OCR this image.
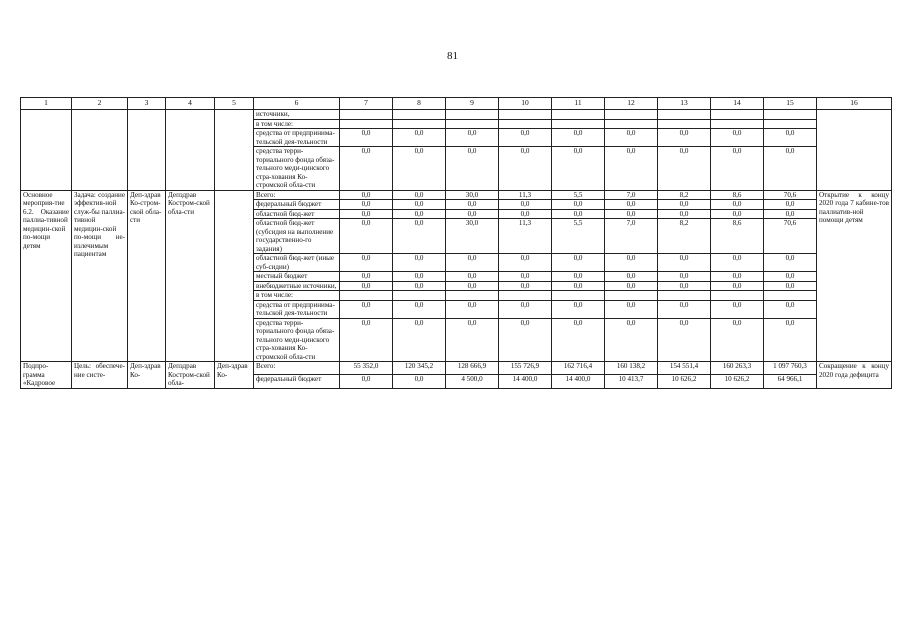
81
1	2	3	4	5	6	7	8	9	10	11	12	13	14	15	16
					источники,										
					в том числе:										
					средства от предпринима-тельской дея-тельности	0,0	0,0	0,0	0,0	0,0	0,0	0,0	0,0	0,0	
					средства терри-ториального фонда обяза-тельного меди-цинского стра-хования Ко-стромской обла-сти	0,0	0,0	0,0	0,0	0,0	0,0	0,0	0,0	0,0	
Основное мероприя-тие 6.2. Оказание паллиа-тивной медицин-ской по-мощи детям	Задача: создание эффектив-ной служ-бы паллиа-тивной медицин-ской по-мощи не-излечимым пациентам	Деп-здрав Ко-стром-ской обла-сти	Депздрав Костром-ской обла-сти		Всего:	0,0	0,0	30,0	11,3	5,5	7,0	8,2	8,6	70,6	Открытие к концу 2020 года 7 кабине-тов паллиатив-ной помощи детям
					федеральный бюджет	0,0	0,0	0,0	0,0	0,0	0,0	0,0	0,0	0,0	
					областной бюд-жет	0,0	0,0	0,0	0,0	0,0	0,0	0,0	0,0	0,0	
					областной бюд-жет (субсидия на выполнение государственно-го задания)	0,0	0,0	30,0	11,3	5,5	7,0	8,2	8,6	70,6	
					областной бюд-жет (иные суб-сидии)	0,0	0,0	0,0	0,0	0,0	0,0	0,0	0,0	0,0	
					местный бюджет	0,0	0,0	0,0	0,0	0,0	0,0	0,0	0,0	0,0	
					внебюджетные источники,	0,0	0,0	0,0	0,0	0,0	0,0	0,0	0,0	0,0	
					в том числе:										
					средства от предпринима-тельской дея-тельности	0,0	0,0	0,0	0,0	0,0	0,0	0,0	0,0	0,0	
					средства терри-ториального фонда обяза-тельного меди-цинского стра-хования Ко-стромской обла-сти	0,0	0,0	0,0	0,0	0,0	0,0	0,0	0,0	0,0	
Подпро-грамма «Кадровое	Цель: обеспече-ние систе-	Деп-здрав Ко-	Депздрав Костром-ской обла-	Деп-здрав Ко-	Всего:	55 352,0	120 345,2	128 666,9	155 726,9	162 716,4	160 138,2	154 551,4	160 263,3	1 097 760,3	Сокращение к концу 2020 года дефицита
					федеральный бюджет	0,0	0,0	4 500,0	14 400,0	14 400,0	10 413,7	10 626,2	10 626,2	64 966,1	
